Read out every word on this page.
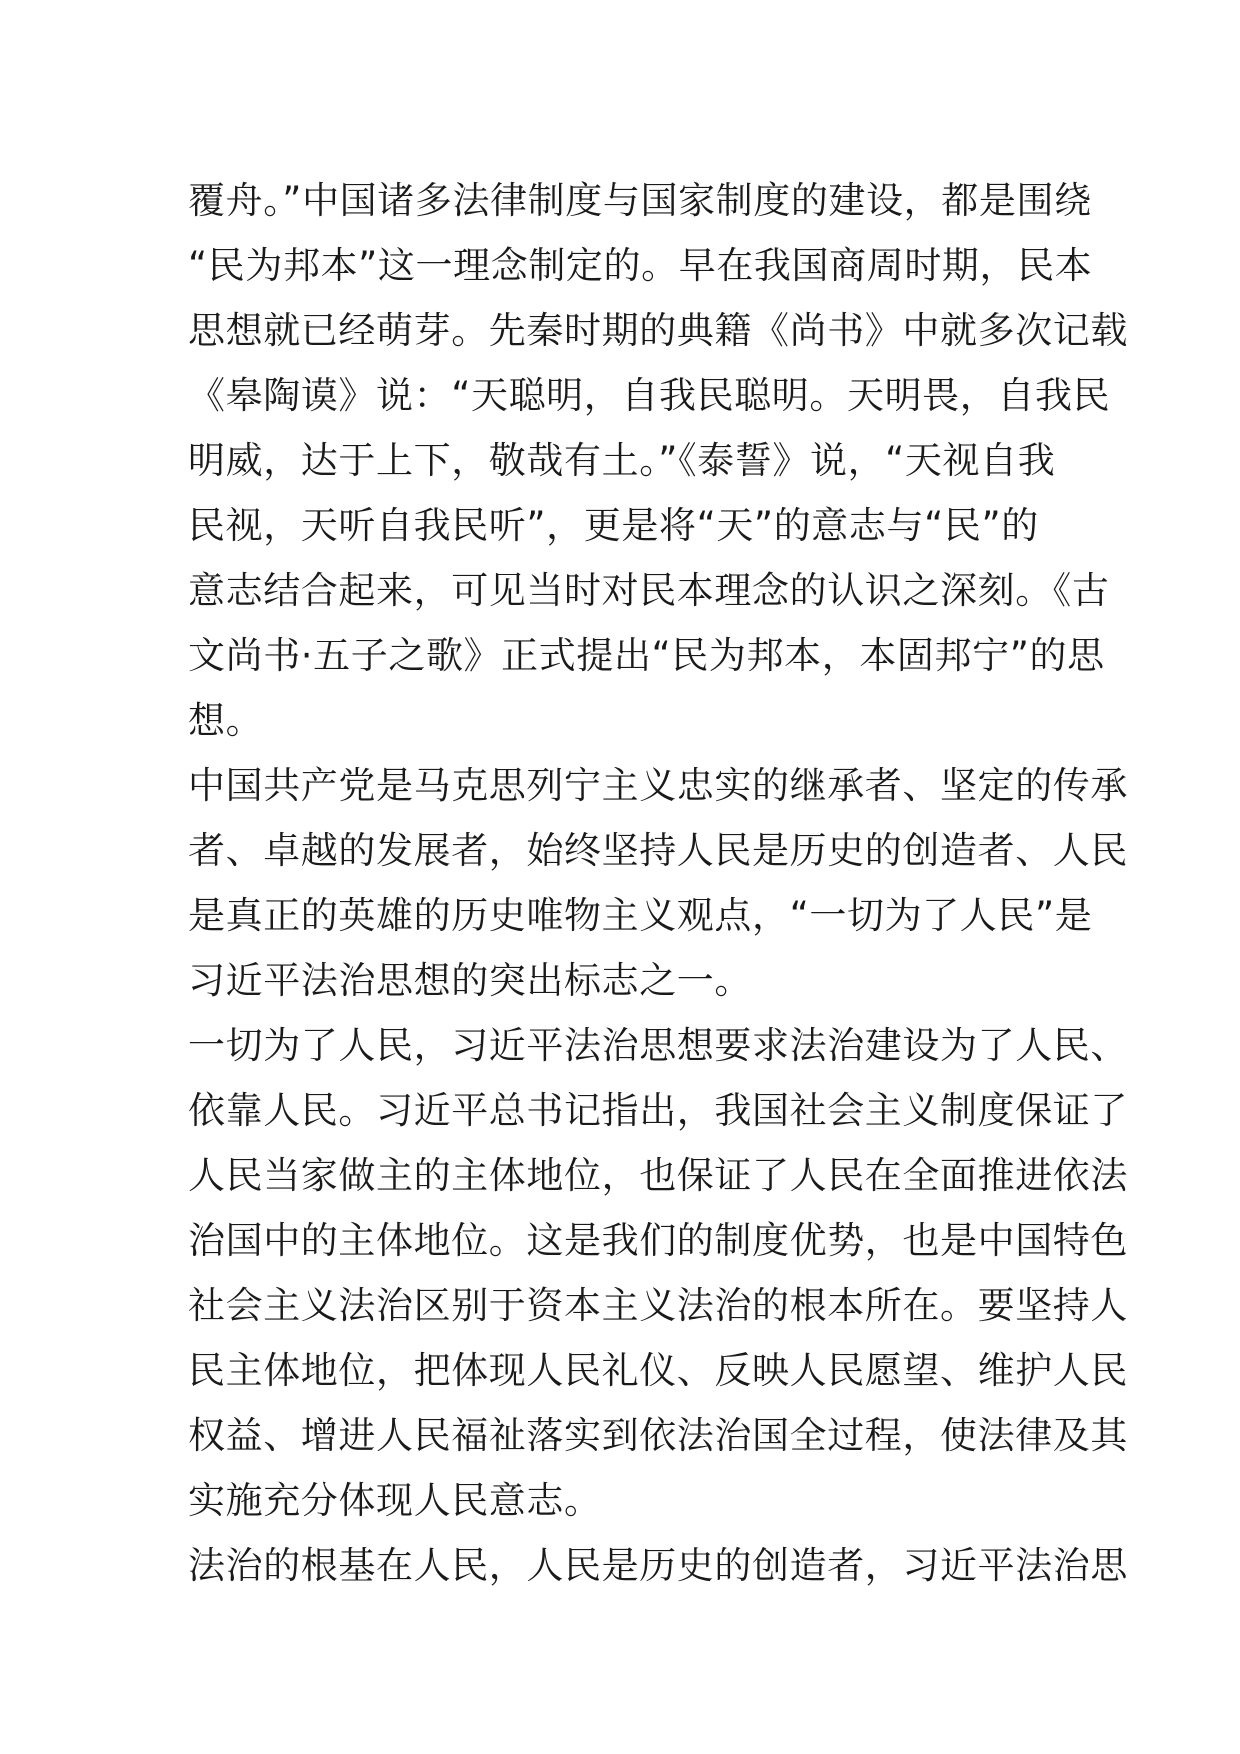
覆舟。”中国诸多法律制度与国家制度的建设，都是围绕
“民为邦本”这一理念制定的。早在我国商周时期，民本
思想就已经萌芽。先秦时期的典籍《尚书》中就多次记载
《皋陶谟》说：“天聪明，自我民聪明。天明畏，自我民
明威，达于上下，敬哉有土。”《泰誓》说，“天视自我
民视，天听自我民听”，更是将“天”的意志与“民”的
意志结合起来，可见当时对民本理念的认识之深刻。《古
文尚书·五子之歌》正式提出“民为邦本，本固邦宁”的思
想。
中国共产党是马克思列宁主义忠实的继承者、坚定的传承
者、卓越的发展者，始终坚持人民是历史的创造者、人民
是真正的英雄的历史唯物主义观点，“一切为了人民”是
习近平法治思想的突出标志之一。
一切为了人民，习近平法治思想要求法治建设为了人民、
依靠人民。习近平总书记指出，我国社会主义制度保证了
人民当家做主的主体地位，也保证了人民在全面推进依法
治国中的主体地位。这是我们的制度优势，也是中国特色
社会主义法治区别于资本主义法治的根本所在。要坚持人
民主体地位，把体现人民礼仪、反映人民愿望、维护人民
权益、增进人民福祉落实到依法治国全过程，使法律及其
实施充分体现人民意志。
法治的根基在人民，人民是历史的创造者，习近平法治思
